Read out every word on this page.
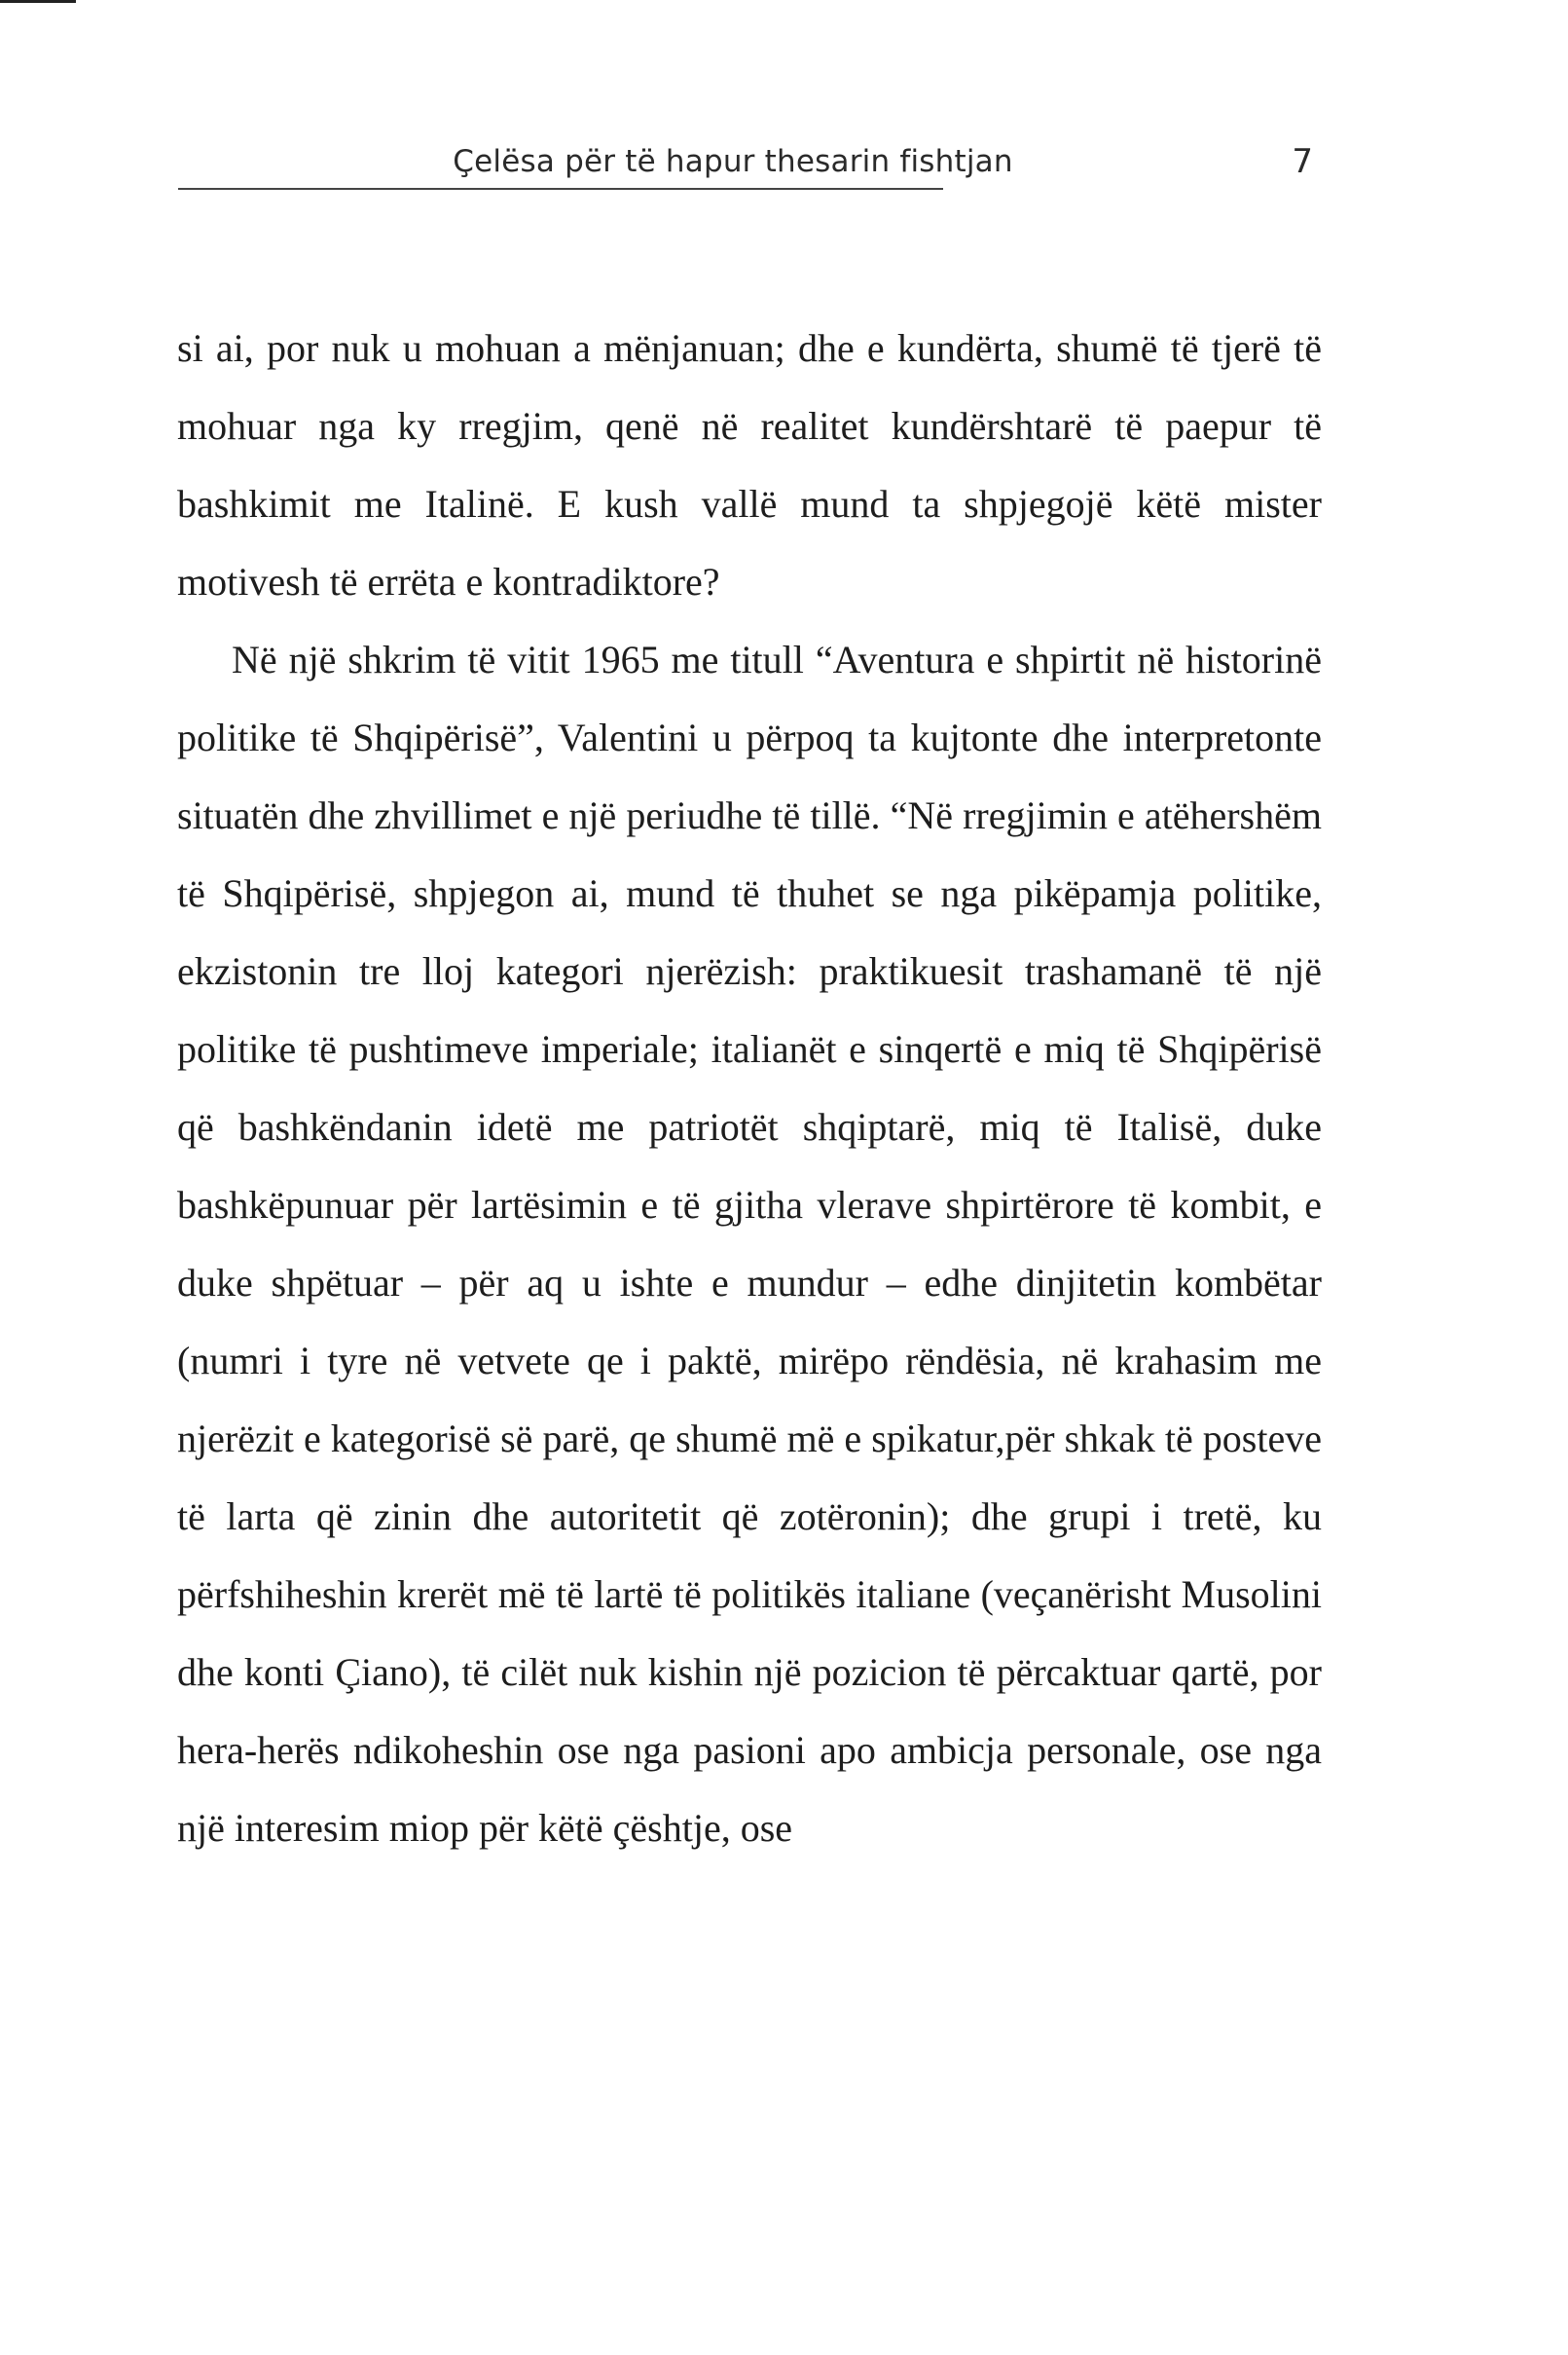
Çelësa për të hapur thesarin fishtjan	7

si ai, por nuk u mohuan a mënjanuan; dhe e kundërta, shumë të tjerë të mohuar nga ky rregjim, qenë në realitet kundërshtarë të paepur të bashkimit me Italinë. E kush vallë mund ta shpjegojë këtë mister motivesh të errëta e kontradiktore?

Në një shkrim të vitit 1965 me titull “Aventura e shpirtit në historinë politike të Shqipërisë”, Valentini u përpoq ta kujtonte dhe interpretonte situatën dhe zhvillimet e një periudhe të tillë. “Në rregjimin e atëhershëm të Shqipërisë, shpjegon ai, mund të thuhet se nga pikëpamja politike, ekzistonin tre lloj kategori njerëzish: praktikuesit trashamanë të një politike të pushtimeve imperiale; italianët e sinqertë e miq të Shqipërisë që bashkëndanin idetë me patriotët shqiptarë, miq të Italisë, duke bashkëpunuar për lartësimin e të gjitha vlerave shpirtërore të kombit, e duke shpëtuar – për aq u ishte e mundur – edhe dinjitetin kombëtar (numri i tyre në vetvete qe i paktë, mirëpo rëndësia, në krahasim me njerëzit e kategorisë së parë, qe shumë më e spikatur,për shkak të posteve të larta që zinin dhe autoritetit që zotëronin); dhe grupi i tretë, ku përfshiheshin krerët më të lartë të politikës italiane (veçanërisht Musolini dhe konti Çiano), të cilët nuk kishin një pozicion të përcaktuar qartë, por hera-herës ndikoheshin ose nga pasioni apo ambicja personale, ose nga një interesim miop për këtë çështje, ose
